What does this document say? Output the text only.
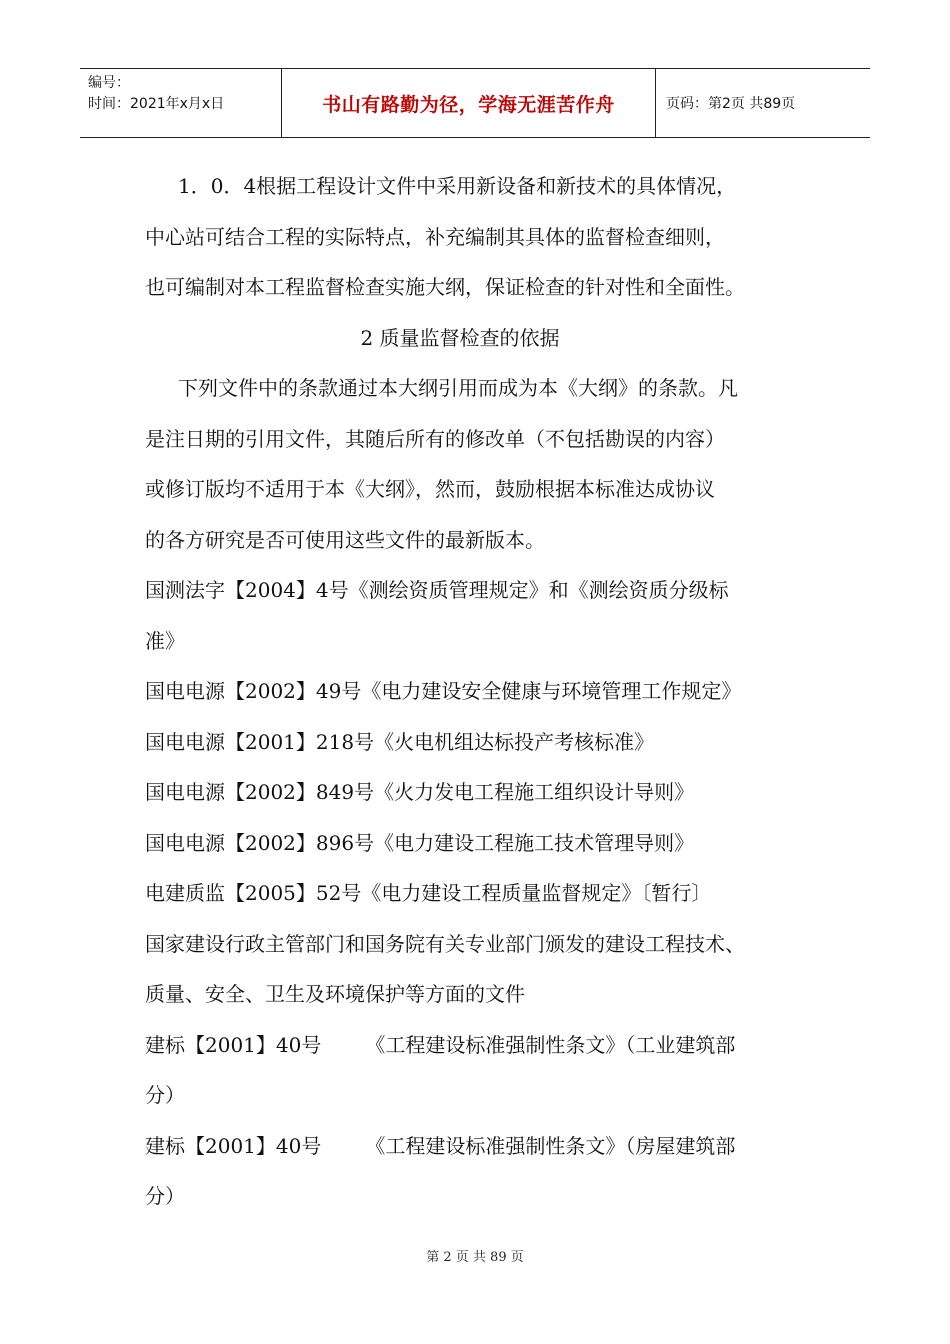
编号：
时间：2021年x月x日	书山有路勤为径，学海无涯苦作舟	页码：第2页 共89页
1．0．4根据工程设计文件中采用新设备和新技术的具体情况，
中心站可结合工程的实际特点，补充编制其具体的监督检查细则，
也可编制对本工程监督检查实施大纲，保证检查的针对性和全面性。
2 质量监督检查的依据
下列文件中的条款通过本大纲引用而成为本《大纲》的条款。凡
是注日期的引用文件，其随后所有的修改单（不包括勘误的内容）
或修订版均不适用于本《大纲》，然而，鼓励根据本标准达成协议
的各方研究是否可使用这些文件的最新版本。
国测法字【2004】4号《测绘资质管理规定》和《测绘资质分级标
准》
国电电源【2002】49号《电力建设安全健康与环境管理工作规定》
国电电源【2001】218号《火电机组达标投产考核标准》
国电电源【2002】849号《火力发电工程施工组织设计导则》
国电电源【2002】896号《电力建设工程施工技术管理导则》
电建质监【2005】52号《电力建设工程质量监督规定》〔暂行〕
国家建设行政主管部门和国务院有关专业部门颁发的建设工程技术、
质量、安全、卫生及环境保护等方面的文件
建标【2001】40号 《工程建设标准强制性条文》（工业建筑部
分）
建标【2001】40号 《工程建设标准强制性条文》（房屋建筑部
分）
第 2 页 共 89 页
